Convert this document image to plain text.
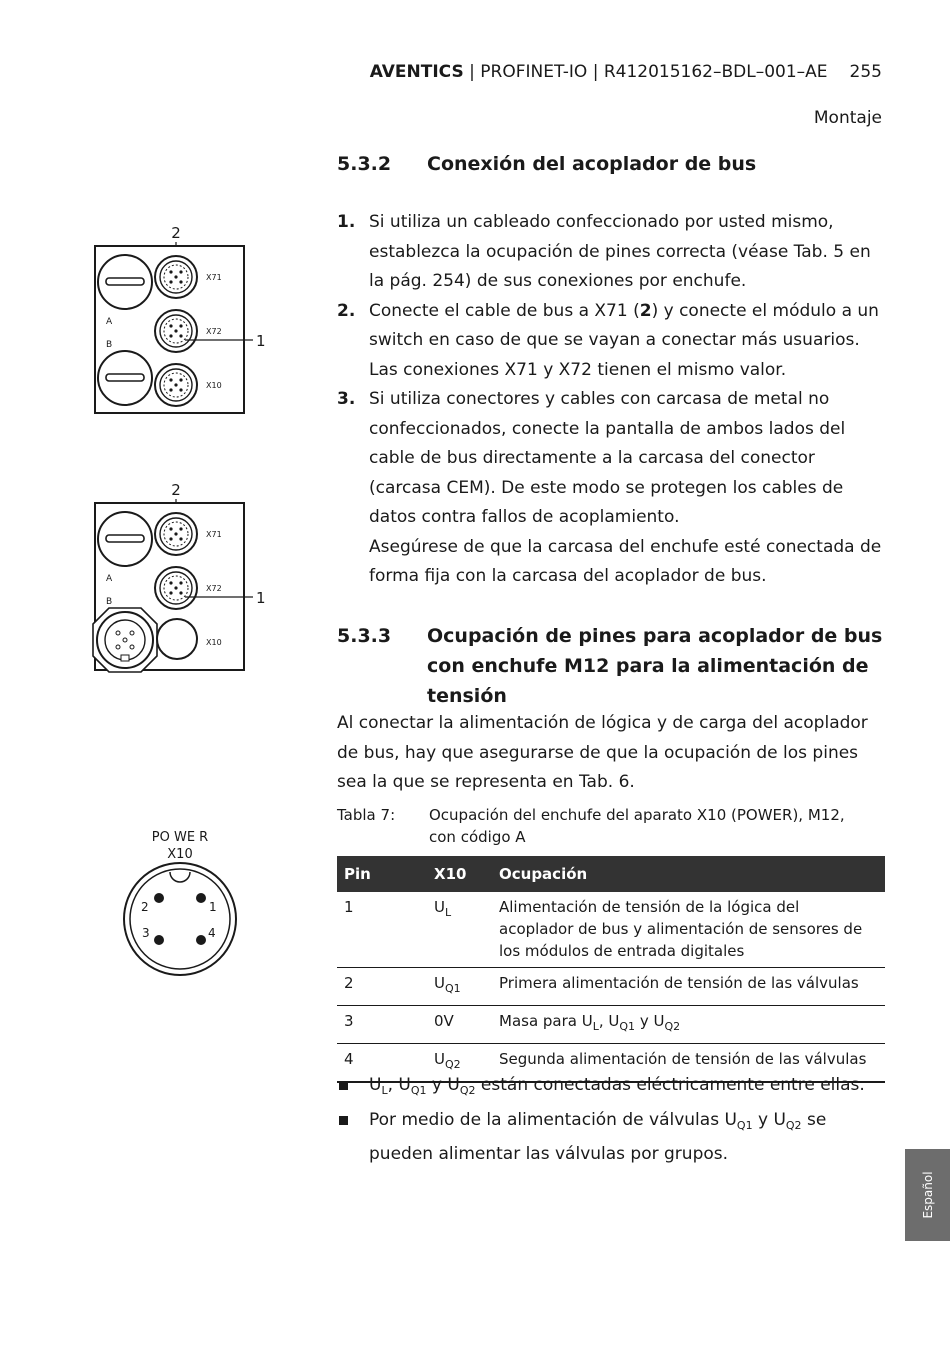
AVENTICS | PROFINET-IO | R412015162–BDL–001–AE 255
Montaje
5.3.2 Conexión del acoplador de bus
1. Si utiliza un cableado confeccionado por usted mismo, establezca la ocupación de pines correcta (véase Tab. 5 en la pág. 254) de sus conexiones por enchufe.
2. Conecte el cable de bus a X71 (2) y conecte el módulo a un switch en caso de que se vayan a conectar más usuarios. Las conexiones X71 y X72 tienen el mismo valor.
3. Si utiliza conectores y cables con carcasa de metal no confeccionados, conecte la pantalla de ambos lados del cable de bus directamente a la carcasa del conector (carcasa CEM). De este modo se protegen los cables de datos contra fallos de acoplamiento.
Asegúrese de que la carcasa del enchufe esté conectada de forma fija con la carcasa del acoplador de bus.
5.3.3 Ocupación de pines para acoplador de bus con enchufe M12 para la alimentación de tensión
Al conectar la alimentación de lógica y de carga del acoplador de bus, hay que asegurarse de que la ocupación de los pines sea la que se representa en Tab. 6.
Tabla 7: Ocupación del enchufe del aparato X10 (POWER), M12, con código A
Pin	X10	Ocupación
1	$U_L$	Alimentación de tensión de la lógica del acoplador de bus y alimentación de sensores de los módulos de entrada digitales
2	$U_{Q1}$	Primera alimentación de tensión de las válvulas
3	0V	Masa para $U_L$, $U_{Q1}$ y $U_{Q2}$
4	$U_{Q2}$	Segunda alimentación de tensión de las válvulas
$U_L$, $U_{Q1}$ y $U_{Q2}$ están conectadas eléctricamente entre ellas.
Por medio de la alimentación de válvulas $U_{Q1}$ y $U_{Q2}$ se pueden alimentar las válvulas por grupos.
2
A
B
X71
X72
X10
1
2
A
B
X71
X72
X10
1
PO WE R
X10
1
2
3	4
Español
